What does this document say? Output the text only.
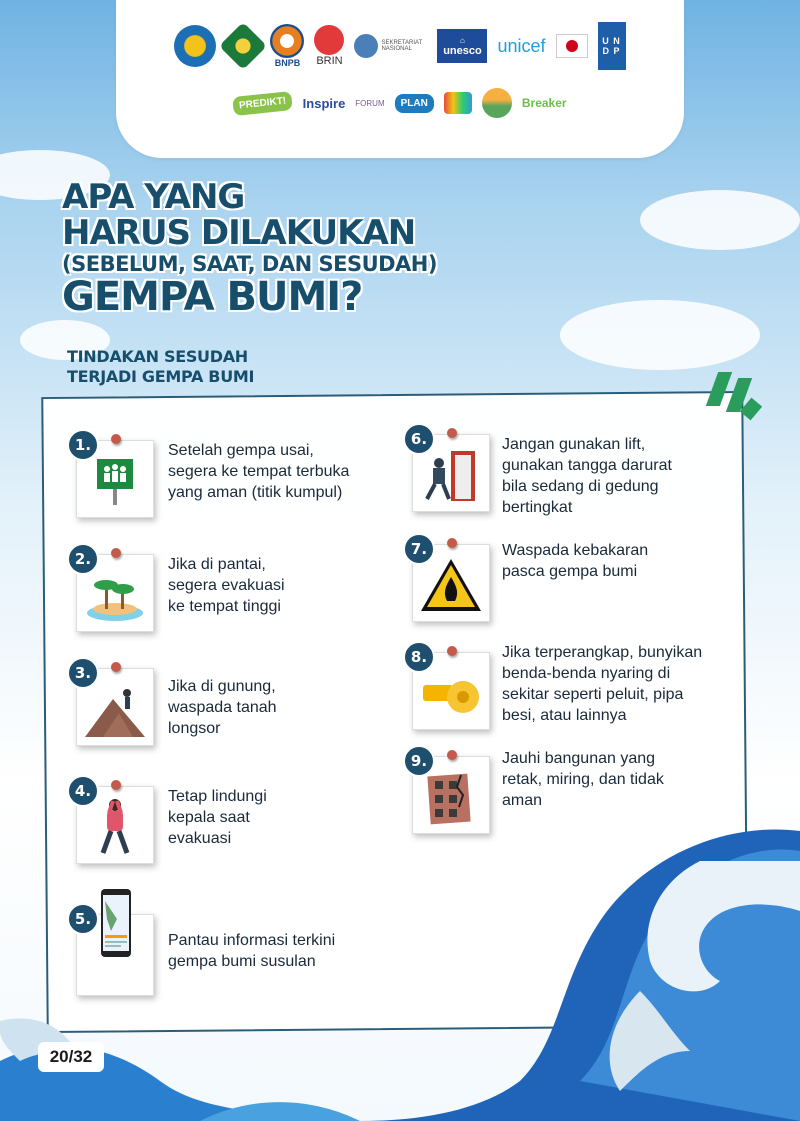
BNPB BRIN
SEKRETARIAT NASIONAL
⌂
unesco unicef	U N
D P
PREDIKT! Inspire FORUM PLAN	Breaker
APA YANG
HARUS DILAKUKAN
(SEBELUM, SAAT, DAN SESUDAH)
GEMPA BUMI?
TINDAKAN SESUDAH
TERJADI GEMPA BUMI
1.	Setelah gempa usai,
segera ke tempat terbuka
yang aman (titik kumpul)
2.	Jika di pantai,
segera evakuasi
ke tempat tinggi
3.
Jika di gunung,
waspada tanah
longsor
4.	Tetap lindungi
kepala saat
evakuasi
5.
Pantau informasi terkini
gempa bumi susulan
6.	Jangan gunakan lift,
gunakan tangga darurat
bila sedang di gedung
bertingkat
7.	Waspada kebakaran
pasca gempa bumi
8.	Jika terperangkap, bunyikan
benda-benda nyaring di
sekitar seperti peluit, pipa
besi, atau lainnya
9.	Jauhi bangunan yang
retak, miring, dan tidak
aman
20/32
